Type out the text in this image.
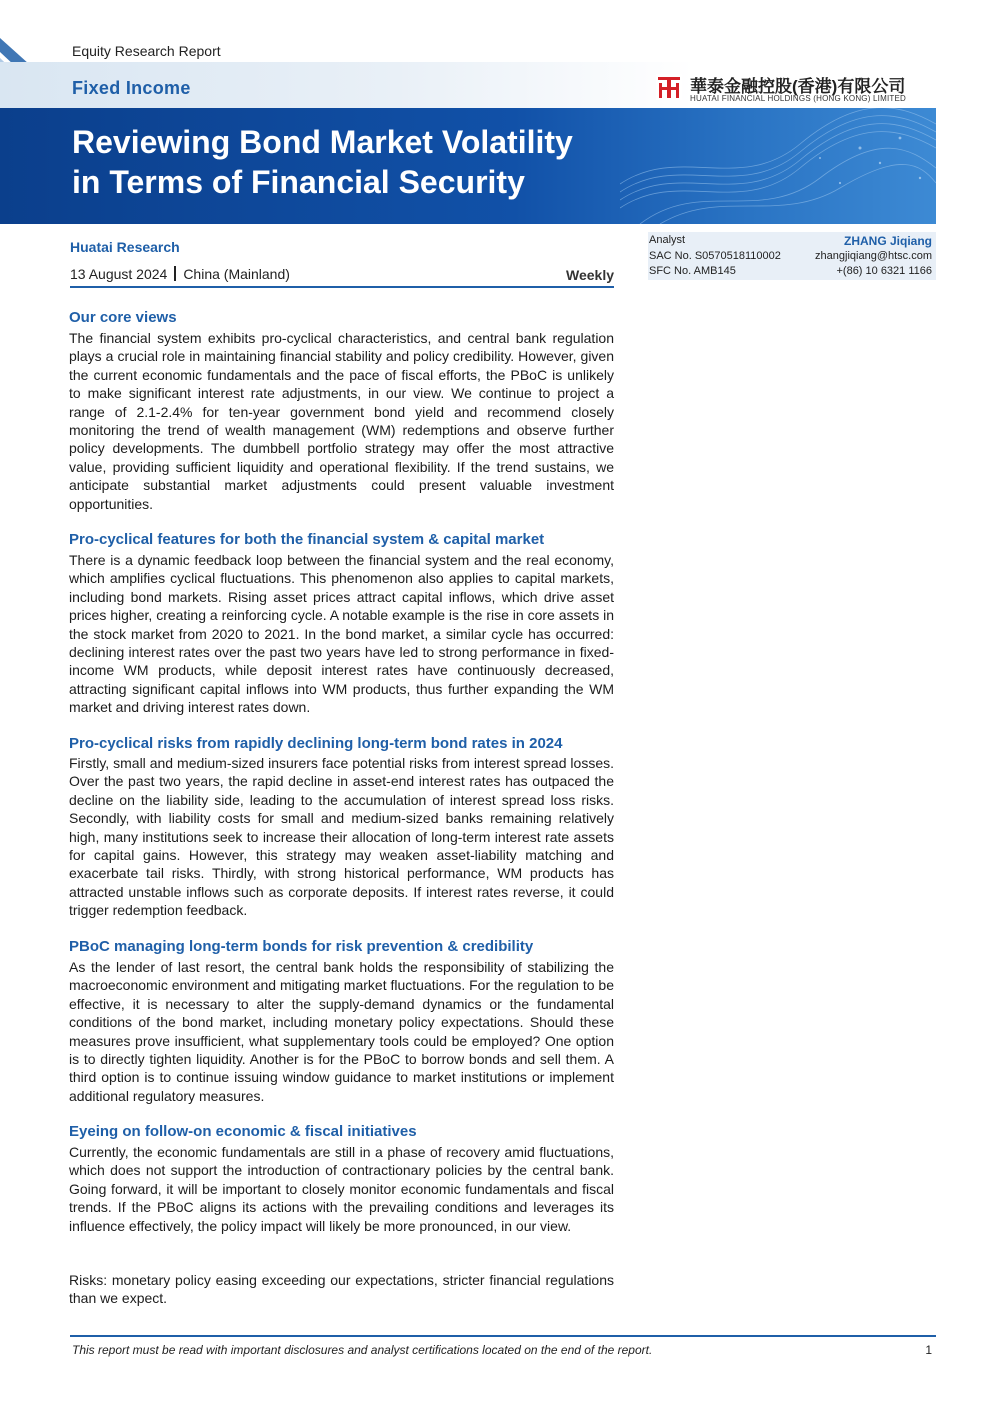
Equity Research Report
Fixed Income	華泰金融控股(香港)有限公司
HUATAI FINANCIAL HOLDINGS (HONG KONG) LIMITED
Reviewing Bond Market Volatility
in Terms of Financial Security
Huatai Research
13 August 2024 China (Mainland)	Weekly
Analyst	ZHANG Jiqiang
SAC No. S0570518110002	zhangjiqiang@htsc.com
SFC No. AMB145	+(86) 10 6321 1166
Our core views
The financial system exhibits pro-cyclical characteristics, and central bank regulation plays a crucial role in maintaining financial stability and policy credibility. However, given the current economic fundamentals and the pace of fiscal efforts, the PBoC is unlikely to make significant interest rate adjustments, in our view. We continue to project a range of 2.1-2.4% for ten-year government bond yield and recommend closely monitoring the trend of wealth management (WM) redemptions and observe further policy developments. The dumbbell portfolio strategy may offer the most attractive value, providing sufficient liquidity and operational flexibility. If the trend sustains, we anticipate substantial market adjustments could present valuable investment opportunities.
Pro-cyclical features for both the financial system & capital market
There is a dynamic feedback loop between the financial system and the real economy, which amplifies cyclical fluctuations. This phenomenon also applies to capital markets, including bond markets. Rising asset prices attract capital inflows, which drive asset prices higher, creating a reinforcing cycle. A notable example is the rise in core assets in the stock market from 2020 to 2021. In the bond market, a similar cycle has occurred: declining interest rates over the past two years have led to strong performance in fixed-income WM products, while deposit interest rates have continuously decreased, attracting significant capital inflows into WM products, thus further expanding the WM market and driving interest rates down.
Pro-cyclical risks from rapidly declining long-term bond rates in 2024
Firstly, small and medium-sized insurers face potential risks from interest spread losses. Over the past two years, the rapid decline in asset-end interest rates has outpaced the decline on the liability side, leading to the accumulation of interest spread loss risks. Secondly, with liability costs for small and medium-sized banks remaining relatively high, many institutions seek to increase their allocation of long-term interest rate assets for capital gains. However, this strategy may weaken asset-liability matching and exacerbate tail risks. Thirdly, with strong historical performance, WM products has attracted unstable inflows such as corporate deposits. If interest rates reverse, it could trigger redemption feedback.
PBoC managing long-term bonds for risk prevention & credibility
As the lender of last resort, the central bank holds the responsibility of stabilizing the macroeconomic environment and mitigating market fluctuations. For the regulation to be effective, it is necessary to alter the supply-demand dynamics or the fundamental conditions of the bond market, including monetary policy expectations. Should these measures prove insufficient, what supplementary tools could be employed? One option is to directly tighten liquidity. Another is for the PBoC to borrow bonds and sell them. A third option is to continue issuing window guidance to market institutions or implement additional regulatory measures.
Eyeing on follow-on economic & fiscal initiatives
Currently, the economic fundamentals are still in a phase of recovery amid fluctuations, which does not support the introduction of contractionary policies by the central bank. Going forward, it will be important to closely monitor economic fundamentals and fiscal trends. If the PBoC aligns its actions with the prevailing conditions and leverages its influence effectively, the policy impact will likely be more pronounced, in our view.
Risks: monetary policy easing exceeding our expectations, stricter financial regulations than we expect.
This report must be read with important disclosures and analyst certifications located on the end of the report.	1
